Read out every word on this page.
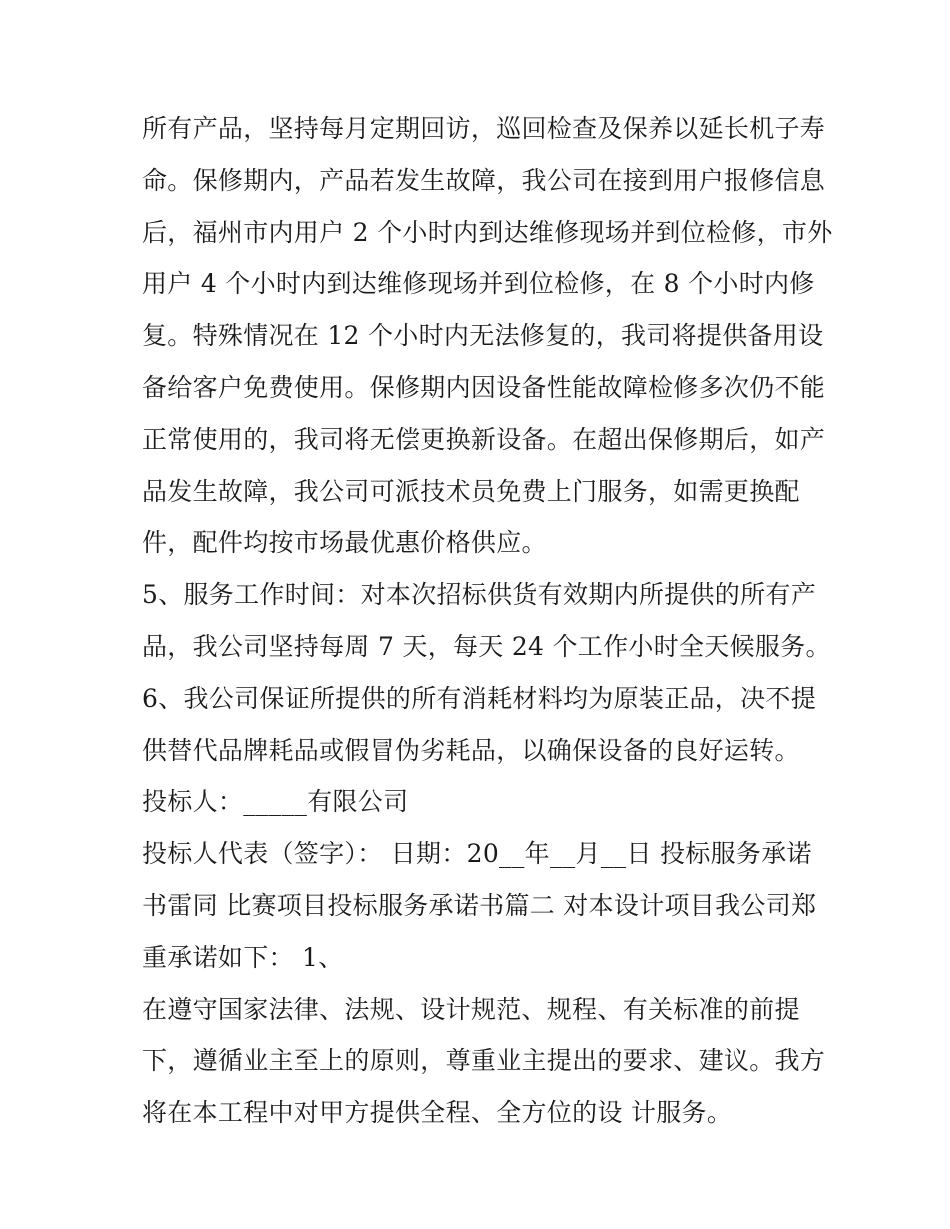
所有产品，坚持每月定期回访，巡回检查及保养以延长机子寿
命。保修期内，产品若发生故障，我公司在接到用户报修信息
后，福州市内用户 2 个小时内到达维修现场并到位检修，市外
用户 4 个小时内到达维修现场并到位检修，在 8 个小时内修
复。特殊情况在 12 个小时内无法修复的，我司将提供备用设
备给客户免费使用。保修期内因设备性能故障检修多次仍不能
正常使用的，我司将无偿更换新设备。在超出保修期后，如产
品发生故障，我公司可派技术员免费上门服务，如需更换配
件，配件均按市场最优惠价格供应。
5、服务工作时间：对本次招标供货有效期内所提供的所有产
品，我公司坚持每周 7 天，每天 24 个工作小时全天候服务。
6、我公司保证所提供的所有消耗材料均为原装正品，决不提
供替代品牌耗品或假冒伪劣耗品，以确保设备的良好运转。
投标人：_____有限公司
投标人代表（签字）： 日期：20__年__月__日 投标服务承诺
书雷同 比赛项目投标服务承诺书篇二 对本设计项目我公司郑
重承诺如下： 1、
在遵守国家法律、法规、设计规范、规程、有关标准的前提
下，遵循业主至上的原则，尊重业主提出的要求、建议。我方
将在本工程中对甲方提供全程、全方位的设 计服务。
